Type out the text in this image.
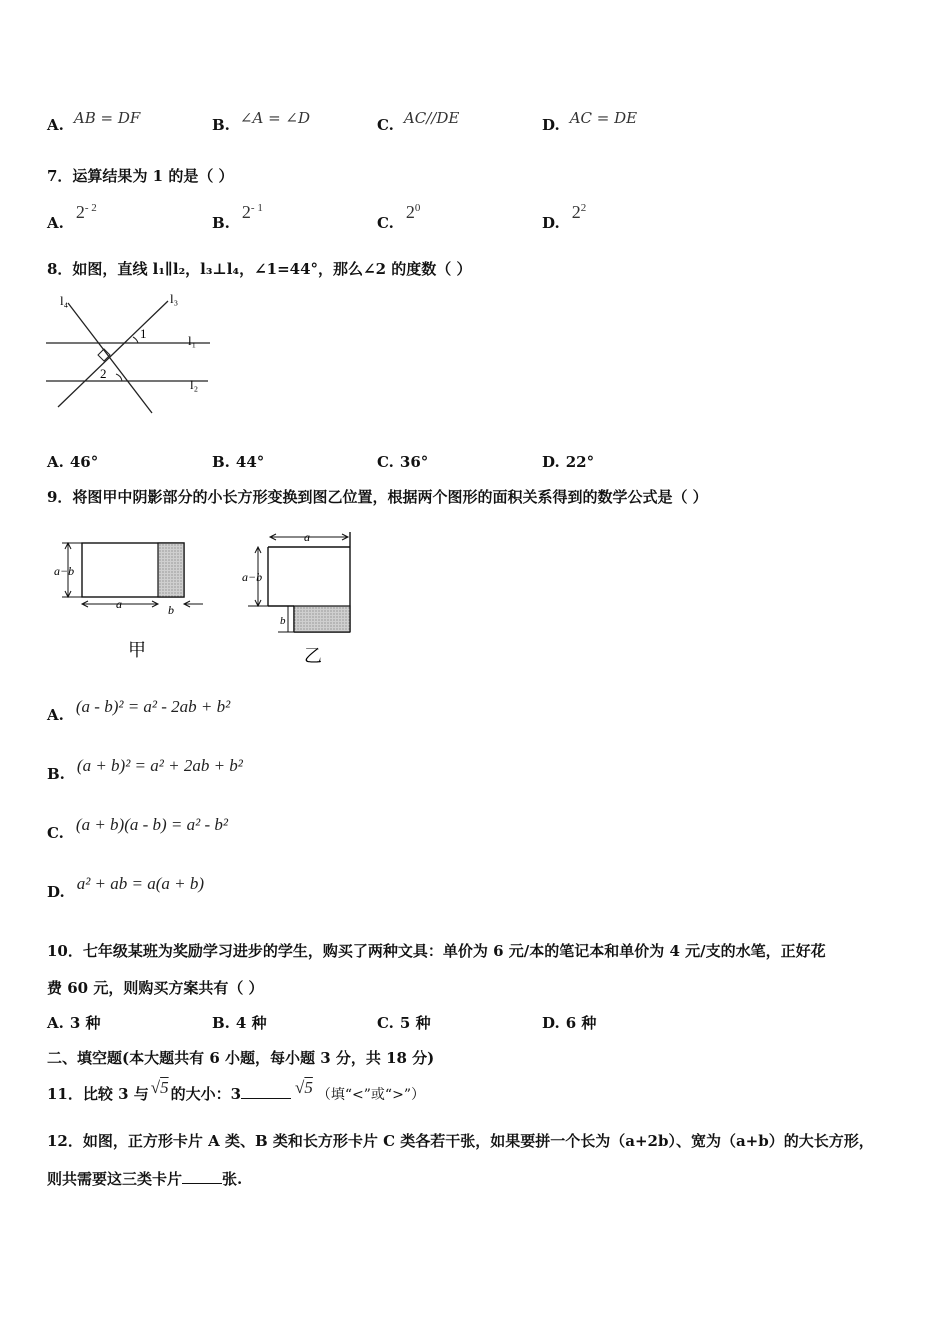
A. AB = DF	B. ∠A = ∠D	C. AC//DE	D. AC = DE
7．运算结果为 1 的是（ ）
$A.2^{- 2}$
$B.2^{- 1}$
$C.2^0$
$D.2^2$
8．如图，直线 l₁∥l₂，l₃⊥l₄，∠1=44°，那么∠2 的度数（ ）
l₄	l₃
l₁
l₂
1
2
A. 46°	B. 44°	C. 36°	D. 22°
9．将图甲中阴影部分的小长方形变换到图乙位置，根据两个图形的面积关系得到的数学公式是（ ）
a−b
a	b
甲
a
a−b
b
乙
A. (a - b)² = a² - 2ab + b²
B. (a + b)² = a² + 2ab + b²
C. (a + b)(a - b) = a² - b²
D. a² + ab = a(a + b)
10．七年级某班为奖励学习进步的学生，购买了两种文具：单价为 6 元/本的笔记本和单价为 4 元/支的水笔，正好花
费 60 元，则购买方案共有（ ）
A. 3 种	B. 4 种	C. 5 种	D. 6 种
二、填空题(本大题共有 6 小题，每小题 3 分，共 18 分)
11．比较 3 与 √5 的大小：3	√5 （填“<”或“>”）
12．如图，正方形卡片 A 类、B 类和长方形卡片 C 类各若干张，如果要拼一个长为（a+2b）、宽为（a+b）的大长方形，
则共需要这三类卡片	张.
